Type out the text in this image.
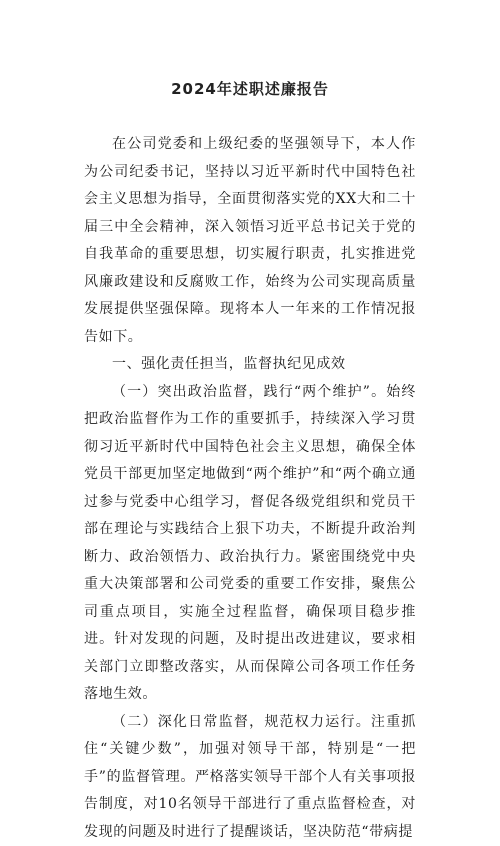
2024年述职述廉报告

在公司党委和上级纪委的坚强领导下，本人作为公司纪委书记，坚持以习近平新时代中国特色社会主义思想为指导，全面贯彻落实党的XX大和二十届三中全会精神，深入领悟习近平总书记关于党的自我革命的重要思想，切实履行职责，扎实推进党风廉政建设和反腐败工作，始终为公司实现高质量发展提供坚强保障。现将本人一年来的工作情况报告如下。

一、强化责任担当，监督执纪见成效

（一）突出政治监督，践行“两个维护”。始终把政治监督作为工作的重要抓手，持续深入学习贯彻习近平新时代中国特色社会主义思想，确保全体党员干部更加坚定地做到“两个维护”和“两个确立通过参与党委中心组学习，督促各级党组织和党员干部在理论与实践结合上狠下功夫，不断提升政治判断力、政治领悟力、政治执行力。紧密围绕党中央重大决策部署和公司党委的重要工作安排，聚焦公司重点项目，实施全过程监督，确保项目稳步推进。针对发现的问题，及时提出改进建议，要求相关部门立即整改落实，从而保障公司各项工作任务落地生效。

（二）深化日常监督，规范权力运行。注重抓住“关键少数”，加强对领导干部，特别是“一把手”的监督管理。严格落实领导干部个人有关事项报告制度，对10名领导干部进行了重点监督检查，对发现的问题及时进行了提醒谈话，坚决防范“带病提
